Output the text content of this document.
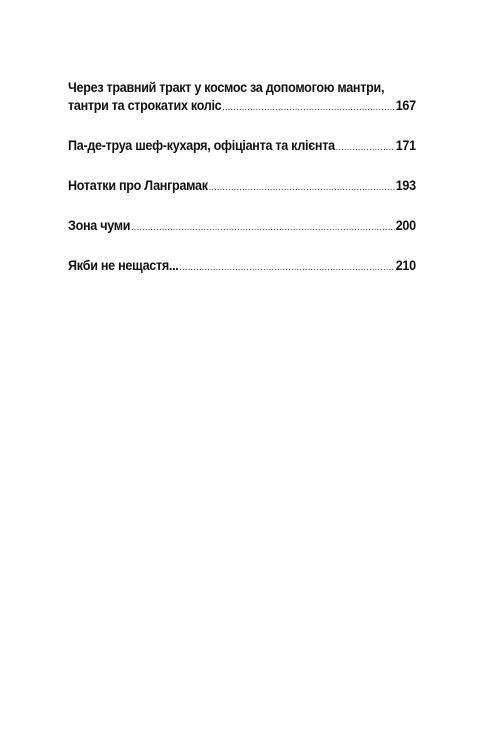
Через травний тракт у космос за допомогою мантри,
тантри та строкатих коліс .....	167
Па-де-труа шеф-кухаря, офіціанта та клієнта .....	171
Нотатки про Ланграмак .....	193
Зона чуми .....	200
Якби не нещастя... .....	210
